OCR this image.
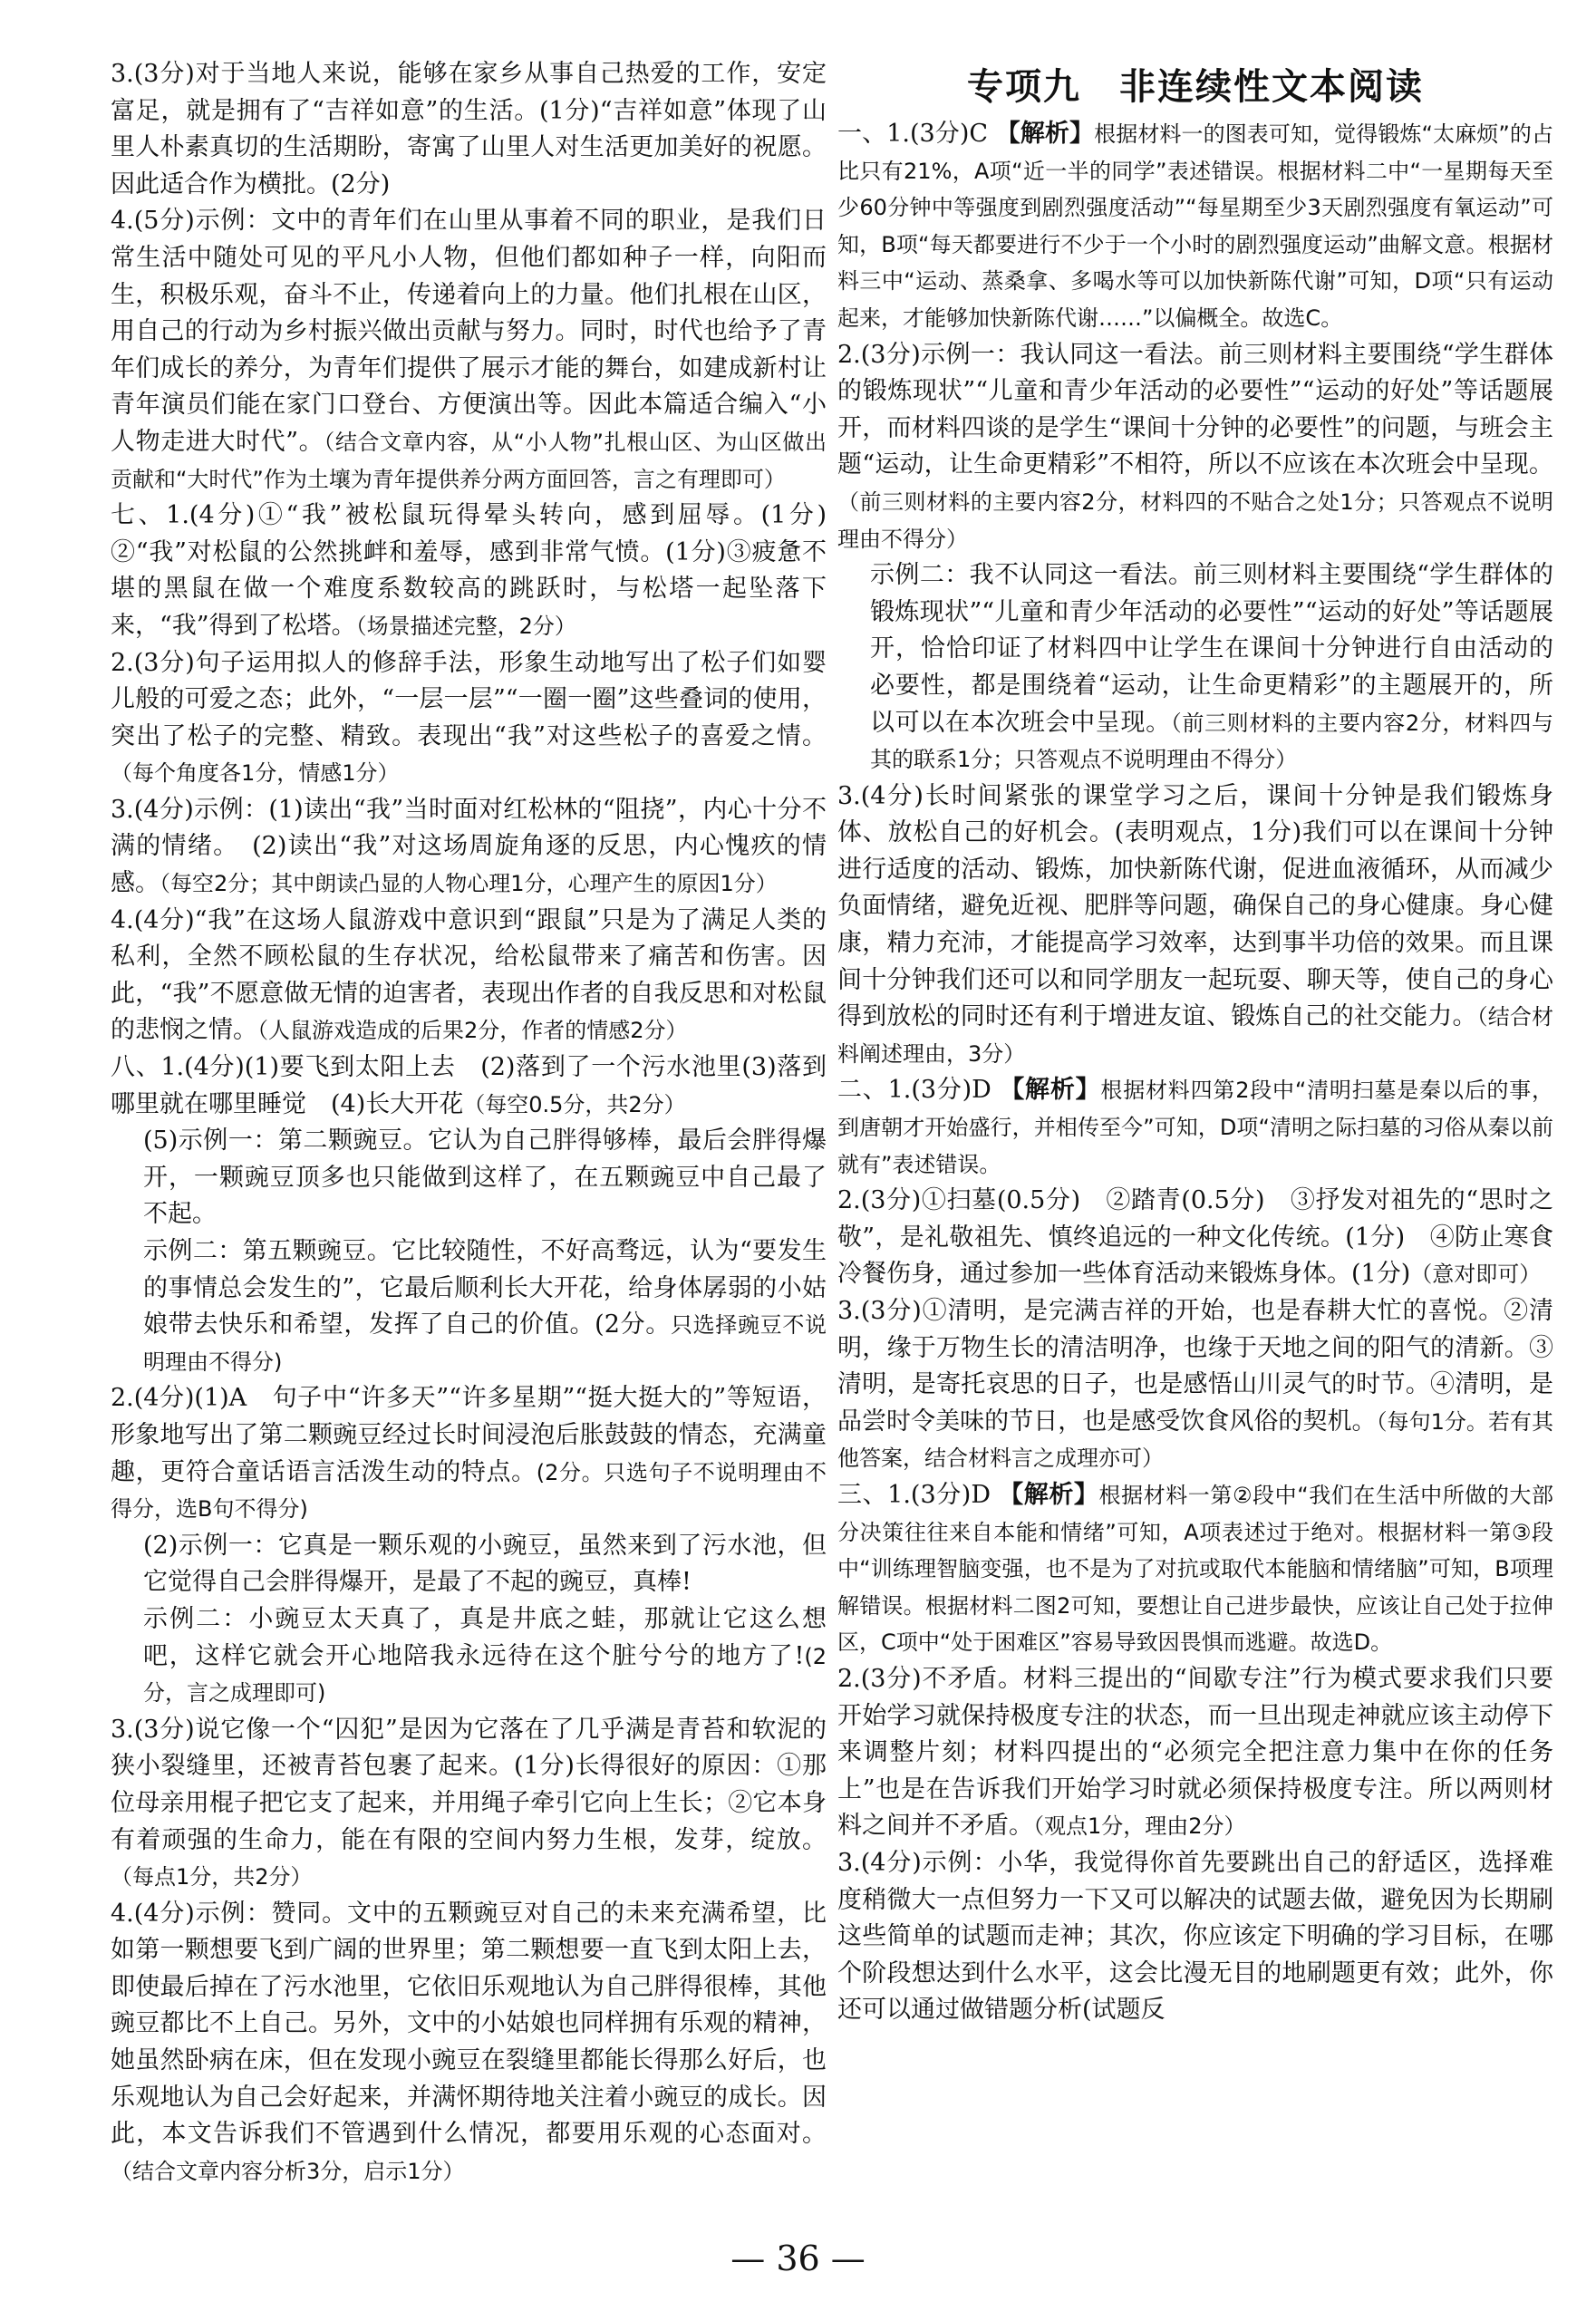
3.(3分)对于当地人来说，能够在家乡从事自己热爱的工作，安定富足，就是拥有了“吉祥如意”的生活。(1分)“吉祥如意”体现了山里人朴素真切的生活期盼，寄寓了山里人对生活更加美好的祝愿。因此适合作为横批。(2分)

4.(5分)示例：文中的青年们在山里从事着不同的职业，是我们日常生活中随处可见的平凡小人物，但他们都如种子一样，向阳而生，积极乐观，奋斗不止，传递着向上的力量。他们扎根在山区，用自己的行动为乡村振兴做出贡献与努力。同时，时代也给予了青年们成长的养分，为青年们提供了展示才能的舞台，如建成新村让青年演员们能在家门口登台、方便演出等。因此本篇适合编入“小人物走进大时代”。（结合文章内容，从“小人物”扎根山区、为山区做出贡献和“大时代”作为土壤为青年提供养分两方面回答，言之有理即可）

七、1.(4分)①“我”被松鼠玩得晕头转向，感到屈辱。(1分)②“我”对松鼠的公然挑衅和羞辱，感到非常气愤。(1分)③疲惫不堪的黑鼠在做一个难度系数较高的跳跃时，与松塔一起坠落下来，“我”得到了松塔。（场景描述完整，2分）

2.(3分)句子运用拟人的修辞手法，形象生动地写出了松子们如婴儿般的可爱之态；此外，“一层一层”“一圈一圈”这些叠词的使用，突出了松子的完整、精致。表现出“我”对这些松子的喜爱之情。（每个角度各1分，情感1分）

3.(4分)示例：(1)读出“我”当时面对红松林的“阻挠”，内心十分不满的情绪。　(2)读出“我”对这场周旋角逐的反思，内心愧疚的情感。（每空2分；其中朗读凸显的人物心理1分，心理产生的原因1分）

4.(4分)“我”在这场人鼠游戏中意识到“跟鼠”只是为了满足人类的私利，全然不顾松鼠的生存状况，给松鼠带来了痛苦和伤害。因此，“我”不愿意做无情的迫害者，表现出作者的自我反思和对松鼠的悲悯之情。（人鼠游戏造成的后果2分，作者的情感2分）

八、1.(4分)(1)要飞到太阳上去　(2)落到了一个污水池里(3)落到哪里就在哪里睡觉　(4)长大开花（每空0.5分，共2分）

(5)示例一：第二颗豌豆。它认为自己胖得够棒，最后会胖得爆开，一颗豌豆顶多也只能做到这样了，在五颗豌豆中自己最了不起。

示例二：第五颗豌豆。它比较随性，不好高骛远，认为“要发生的事情总会发生的”，它最后顺利长大开花，给身体孱弱的小姑娘带去快乐和希望，发挥了自己的价值。(2分。只选择豌豆不说明理由不得分)

2.(4分)(1)A　句子中“许多天”“许多星期”“挺大挺大的”等短语，形象地写出了第二颗豌豆经过长时间浸泡后胀鼓鼓的情态，充满童趣，更符合童话语言活泼生动的特点。(2分。只选句子不说明理由不得分，选B句不得分)

(2)示例一：它真是一颗乐观的小豌豆，虽然来到了污水池，但它觉得自己会胖得爆开，是最了不起的豌豆，真棒!

示例二：小豌豆太天真了，真是井底之蛙，那就让它这么想吧，这样它就会开心地陪我永远待在这个脏兮兮的地方了!(2分，言之成理即可)

3.(3分)说它像一个“囚犯”是因为它落在了几乎满是青苔和软泥的狭小裂缝里，还被青苔包裹了起来。(1分)长得很好的原因：①那位母亲用棍子把它支了起来，并用绳子牵引它向上生长；②它本身有着顽强的生命力，能在有限的空间内努力生根，发芽，绽放。（每点1分，共2分）

4.(4分)示例：赞同。文中的五颗豌豆对自己的未来充满希望，比如第一颗想要飞到广阔的世界里；第二颗想要一直飞到太阳上去，即使最后掉在了污水池里，它依旧乐观地认为自己胖得很棒，其他豌豆都比不上自己。另外，文中的小姑娘也同样拥有乐观的精神，她虽然卧病在床，但在发现小豌豆在裂缝里都能长得那么好后，也乐观地认为自己会好起来，并满怀期待地关注着小豌豆的成长。因此，本文告诉我们不管遇到什么情况，都要用乐观的心态面对。（结合文章内容分析3分，启示1分）

专项九　非连续性文本阅读

一、1.(3分)C 【解析】根据材料一的图表可知，觉得锻炼“太麻烦”的占比只有21%，A项“近一半的同学”表述错误。根据材料二中“一星期每天至少60分钟中等强度到剧烈强度活动”“每星期至少3天剧烈强度有氧运动”可知，B项“每天都要进行不少于一个小时的剧烈强度运动”曲解文意。根据材料三中“运动、蒸桑拿、多喝水等可以加快新陈代谢”可知，D项“只有运动起来，才能够加快新陈代谢……”以偏概全。故选C。

2.(3分)示例一：我认同这一看法。前三则材料主要围绕“学生群体的锻炼现状”“儿童和青少年活动的必要性”“运动的好处”等话题展开，而材料四谈的是学生“课间十分钟的必要性”的问题，与班会主题“运动，让生命更精彩”不相符，所以不应该在本次班会中呈现。（前三则材料的主要内容2分，材料四的不贴合之处1分；只答观点不说明理由不得分）

示例二：我不认同这一看法。前三则材料主要围绕“学生群体的锻炼现状”“儿童和青少年活动的必要性”“运动的好处”等话题展开，恰恰印证了材料四中让学生在课间十分钟进行自由活动的必要性，都是围绕着“运动，让生命更精彩”的主题展开的，所以可以在本次班会中呈现。（前三则材料的主要内容2分，材料四与其的联系1分；只答观点不说明理由不得分）

3.(4分)长时间紧张的课堂学习之后，课间十分钟是我们锻炼身体、放松自己的好机会。(表明观点，1分)我们可以在课间十分钟进行适度的活动、锻炼，加快新陈代谢，促进血液循环，从而减少负面情绪，避免近视、肥胖等问题，确保自己的身心健康。身心健康，精力充沛，才能提高学习效率，达到事半功倍的效果。而且课间十分钟我们还可以和同学朋友一起玩耍、聊天等，使自己的身心得到放松的同时还有利于增进友谊、锻炼自己的社交能力。（结合材料阐述理由，3分）

二、1.(3分)D 【解析】根据材料四第2段中“清明扫墓是秦以后的事，到唐朝才开始盛行，并相传至今”可知，D项“清明之际扫墓的习俗从秦以前就有”表述错误。

2.(3分)①扫墓(0.5分)　②踏青(0.5分)　③抒发对祖先的“思时之敬”，是礼敬祖先、慎终追远的一种文化传统。(1分)　④防止寒食冷餐伤身，通过参加一些体育活动来锻炼身体。(1分)（意对即可）

3.(3分)①清明，是完满吉祥的开始，也是春耕大忙的喜悦。②清明，缘于万物生长的清洁明净，也缘于天地之间的阳气的清新。③清明，是寄托哀思的日子，也是感悟山川灵气的时节。④清明，是品尝时令美味的节日，也是感受饮食风俗的契机。（每句1分。若有其他答案，结合材料言之成理亦可）

三、1.(3分)D 【解析】根据材料一第②段中“我们在生活中所做的大部分决策往往来自本能和情绪”可知，A项表述过于绝对。根据材料一第③段中“训练理智脑变强，也不是为了对抗或取代本能脑和情绪脑”可知，B项理解错误。根据材料二图2可知，要想让自己进步最快，应该让自己处于拉伸区，C项中“处于困难区”容易导致因畏惧而逃避。故选D。

2.(3分)不矛盾。材料三提出的“间歇专注”行为模式要求我们只要开始学习就保持极度专注的状态，而一旦出现走神就应该主动停下来调整片刻；材料四提出的“必须完全把注意力集中在你的任务上”也是在告诉我们开始学习时就必须保持极度专注。所以两则材料之间并不矛盾。（观点1分，理由2分）

3.(4分)示例：小华，我觉得你首先要跳出自己的舒适区，选择难度稍微大一点但努力一下又可以解决的试题去做，避免因为长期刷这些简单的试题而走神；其次，你应该定下明确的学习目标，在哪个阶段想达到什么水平，这会比漫无目的地刷题更有效；此外，你还可以通过做错题分析(试题反

— 36 —
